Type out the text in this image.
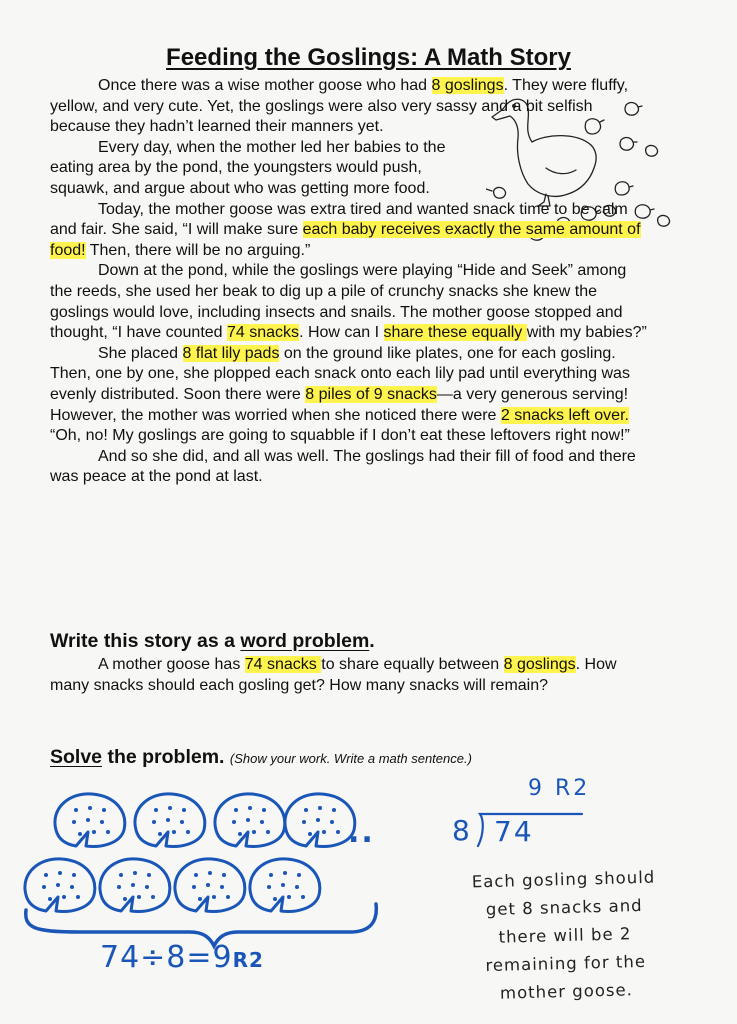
Feeding the Goslings: A Math Story

Once there was a wise mother goose who had 8 goslings. They were fluffy, yellow, and very cute. Yet, the goslings were also very sassy and a bit selfish because they hadn’t learned their manners yet.

Every day, when the mother led her babies to the eating area by the pond, the youngsters would push, squawk, and argue about who was getting more food.

Today, the mother goose was extra tired and wanted snack time to be calm and fair. She said, “I will make sure each baby receives exactly the same amount of food! Then, there will be no arguing.”

Down at the pond, while the goslings were playing “Hide and Seek” among the reeds, she used her beak to dig up a pile of crunchy snacks she knew the goslings would love, including insects and snails. The mother goose stopped and thought, “I have counted 74 snacks. How can I share these equally with my babies?”

She placed 8 flat lily pads on the ground like plates, one for each gosling. Then, one by one, she plopped each snack onto each lily pad until everything was evenly distributed. Soon there were 8 piles of 9 snacks—a very generous serving! However, the mother was worried when she noticed there were 2 snacks left over. “Oh, no! My goslings are going to squabble if I don’t eat these leftovers right now!”

And so she did, and all was well. The goslings had their fill of food and there was peace at the pond at last.

Write this story as a word problem.

A mother goose has 74 snacks to share equally between 8 goslings. How many snacks should each gosling get? How many snacks will remain?

Solve the problem. (Show your work. Write a math sentence.)
..
74÷8=9R2
9 R2
8 74
Each gosling should
get 8 snacks and
there will be 2
remaining for the
mother goose.
